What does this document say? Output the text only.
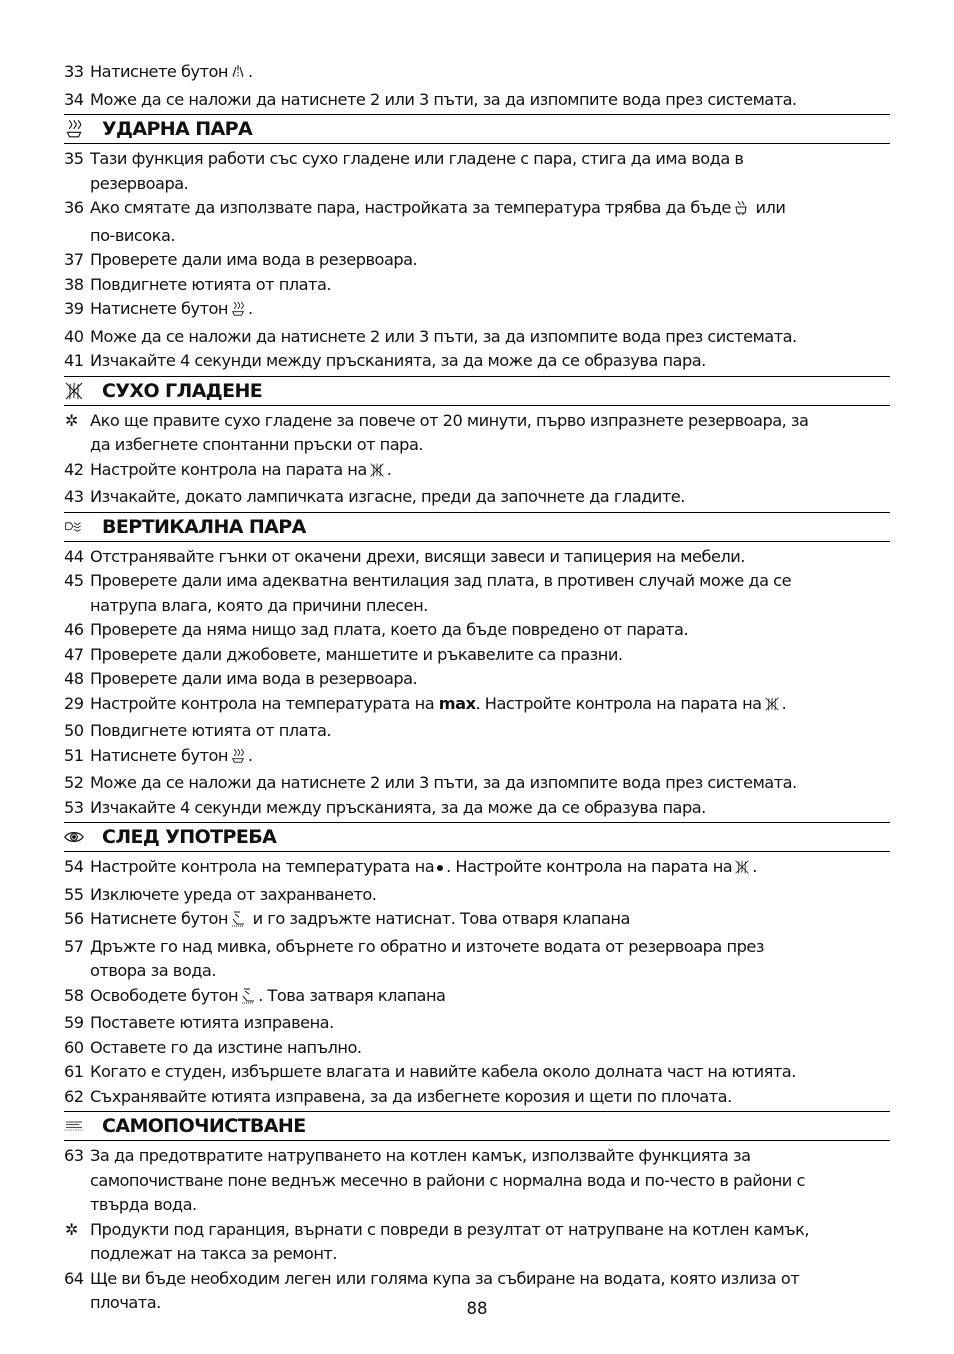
33 Натиснете бутон .

34 Може да се наложи да натиснете 2 или 3 пъти, за да изпомпите вода през системата.

УДАРНА ПАРА

35 Тази функция работи със сухо гладене или гладене с пара, стига да има вода в
резервоара.

36 Ако смятате да използвате пара, настройката за температура трябва да бъде или
по-висока.

37 Проверете дали има вода в резервоара.

38 Повдигнете ютията от плата.

39 Натиснете бутон .

40 Може да се наложи да натиснете 2 или 3 пъти, за да изпомпите вода през системата.

41 Изчакайте 4 секунди между пръсканията, за да може да се образува пара.

СУХО ГЛАДЕНЕ

✲ Ако ще правите сухо гладене за повече от 20 минути, първо изпразнете резервоара, за
да избегнете спонтанни пръски от пара.

42 Настройте контрола на парата на .

43 Изчакайте, докато лампичката изгасне, преди да започнете да гладите.

ВЕРТИКАЛНА ПАРА

44 Отстранявайте гънки от окачени дрехи, висящи завеси и тапицерия на мебели.

45 Проверете дали има адекватна вентилация зад плата, в противен случай може да се
натрупа влага, която да причини плесен.

46 Проверете да няма нищо зад плата, което да бъде повредено от парата.

47 Проверете дали джобовете, маншетите и ръкавелите са празни.

48 Проверете дали има вода в резервоара.

29 Настройте контрола на температурата на max. Настройте контрола на парата на .

50 Повдигнете ютията от плата.

51 Натиснете бутон .

52 Може да се наложи да натиснете 2 или 3 пъти, за да изпомпите вода през системата.

53 Изчакайте 4 секунди между пръсканията, за да може да се образува пара.

СЛЕД УПОТРЕБА

54 Настройте контрола на температурата на . Настройте контрола на парата на .

55 Изключете уреда от захранването.

56 Натиснете бутон и го задръжте натиснат. Това отваря клапана

57 Дръжте го над мивка, обърнете го обратно и източете водата от резервоара през
отвора за вода.

58 Освободете бутон . Това затваря клапана

59 Поставете ютията изправена.

60 Оставете го да изстине напълно.

61 Когато е студен, избършете влагата и навийте кабела около долната част на ютията.

62 Съхранявайте ютията изправена, за да избегнете корозия и щети по плочата.

САМОПОЧИСТВАНЕ

63 За да предотвратите натрупването на котлен камък, използвайте функцията за
самопочистване поне веднъж месечно в райони с нормална вода и по-често в райони с
твърда вода.

✲ Продукти под гаранция, върнати с повреди в резултат от натрупване на котлен камък,
подлежат на такса за ремонт.

64 Ще ви бъде необходим леген или голяма купа за събиране на водата, която излиза от
плочата.	88
